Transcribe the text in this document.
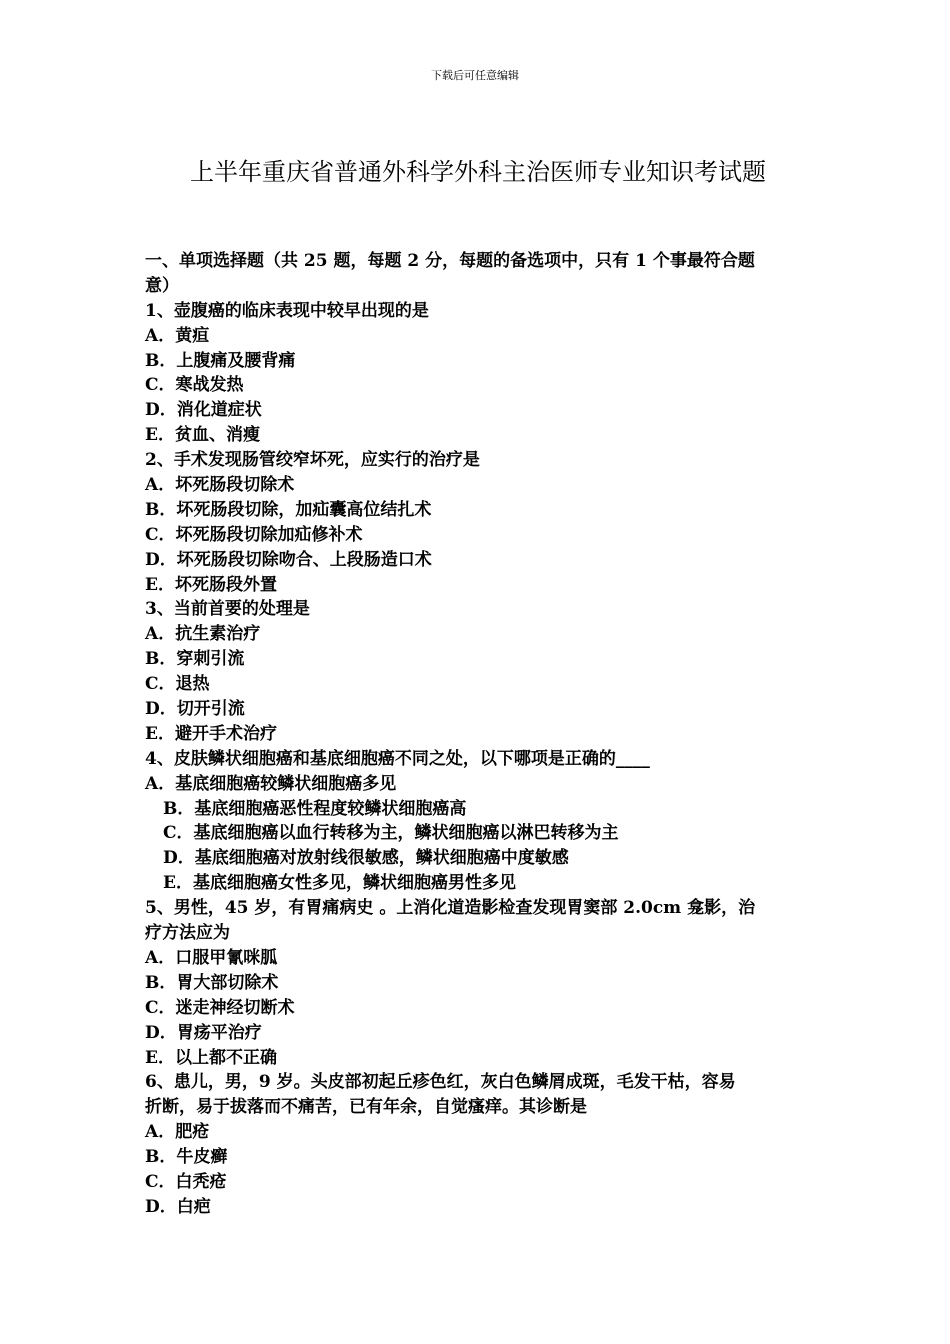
下载后可任意编辑
上半年重庆省普通外科学外科主治医师专业知识考试题
一、单项选择题（共 25 题，每题 2 分，每题的备选项中，只有 1 个事最符合题
意）
1、壶腹癌的临床表现中较早出现的是
A．黄疸
B．上腹痛及腰背痛
C．寒战发热
D．消化道症状
E．贫血、消瘦
2、手术发现肠管绞窄坏死，应实行的治疗是
A．坏死肠段切除术
B．坏死肠段切除，加疝囊高位结扎术
C．坏死肠段切除加疝修补术
D．坏死肠段切除吻合、上段肠造口术
E．坏死肠段外置
3、当前首要的处理是
A．抗生素治疗
B．穿刺引流
C．退热
D．切开引流
E．避开手术治疗
4、皮肤鳞状细胞癌和基底细胞癌不同之处，以下哪项是正确的____
A．基底细胞癌较鳞状细胞癌多见
B．基底细胞癌恶性程度较鳞状细胞癌高
C．基底细胞癌以血行转移为主，鳞状细胞癌以淋巴转移为主
D．基底细胞癌对放射线很敏感，鳞状细胞癌中度敏感
E．基底细胞癌女性多见，鳞状细胞癌男性多见
5、男性，45 岁，有胃痛病史 。上消化道造影检查发现胃窦部 2.0cm 龛影，治
疗方法应为
A．口服甲氰咪胍
B．胃大部切除术
C．迷走神经切断术
D．胃疡平治疗
E．以上都不正确
6、患儿，男，9 岁。头皮部初起丘疹色红，灰白色鳞屑成斑，毛发干枯，容易
折断，易于拔落而不痛苦，已有年余，自觉瘙痒。其诊断是
A．肥疮
B．牛皮癣
C．白秃疮
D．白疤
